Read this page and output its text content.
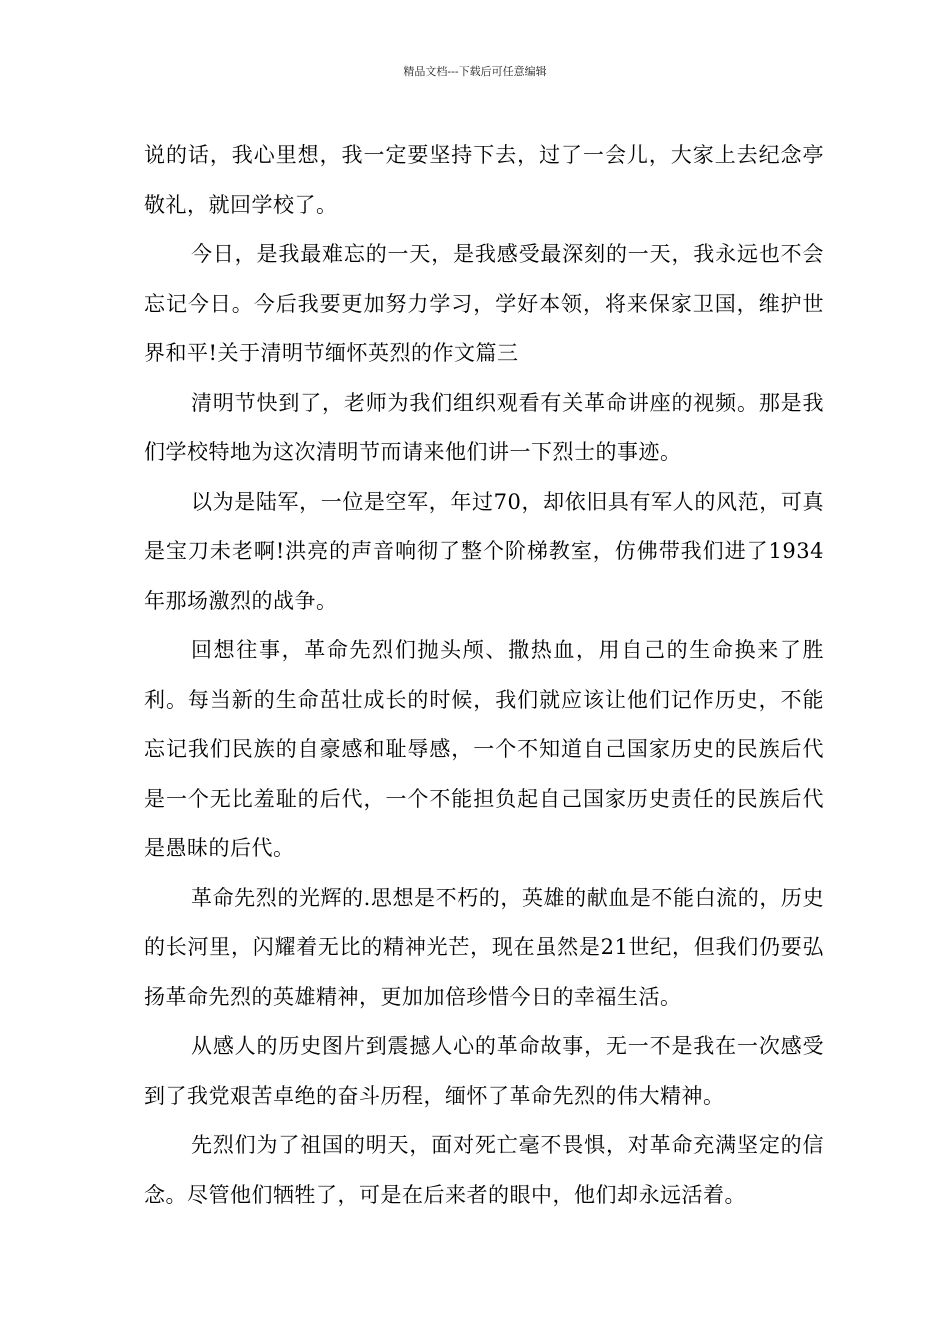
精品文档---下载后可任意编辑

说的话，我心里想，我一定要坚持下去，过了一会儿，大家上去纪念亭敬礼，就回学校了。

今日，是我最难忘的一天，是我感受最深刻的一天，我永远也不会忘记今日。今后我要更加努力学习，学好本领，将来保家卫国，维护世界和平!关于清明节缅怀英烈的作文篇三

清明节快到了，老师为我们组织观看有关革命讲座的视频。那是我们学校特地为这次清明节而请来他们讲一下烈士的事迹。

以为是陆军，一位是空军，年过70，却依旧具有军人的风范，可真是宝刀未老啊!洪亮的声音响彻了整个阶梯教室，仿佛带我们进了1934年那场激烈的战争。

回想往事，革命先烈们抛头颅、撒热血，用自己的生命换来了胜利。每当新的生命茁壮成长的时候，我们就应该让他们记作历史，不能忘记我们民族的自豪感和耻辱感，一个不知道自己国家历史的民族后代是一个无比羞耻的后代，一个不能担负起自己国家历史责任的民族后代是愚昧的后代。

革命先烈的光辉的.思想是不朽的，英雄的献血是不能白流的，历史的长河里，闪耀着无比的精神光芒，现在虽然是21世纪，但我们仍要弘扬革命先烈的英雄精神，更加加倍珍惜今日的幸福生活。

从感人的历史图片到震撼人心的革命故事，无一不是我在一次感受到了我党艰苦卓绝的奋斗历程，缅怀了革命先烈的伟大精神。

先烈们为了祖国的明天，面对死亡毫不畏惧，对革命充满坚定的信念。尽管他们牺牲了，可是在后来者的眼中，他们却永远活着。
